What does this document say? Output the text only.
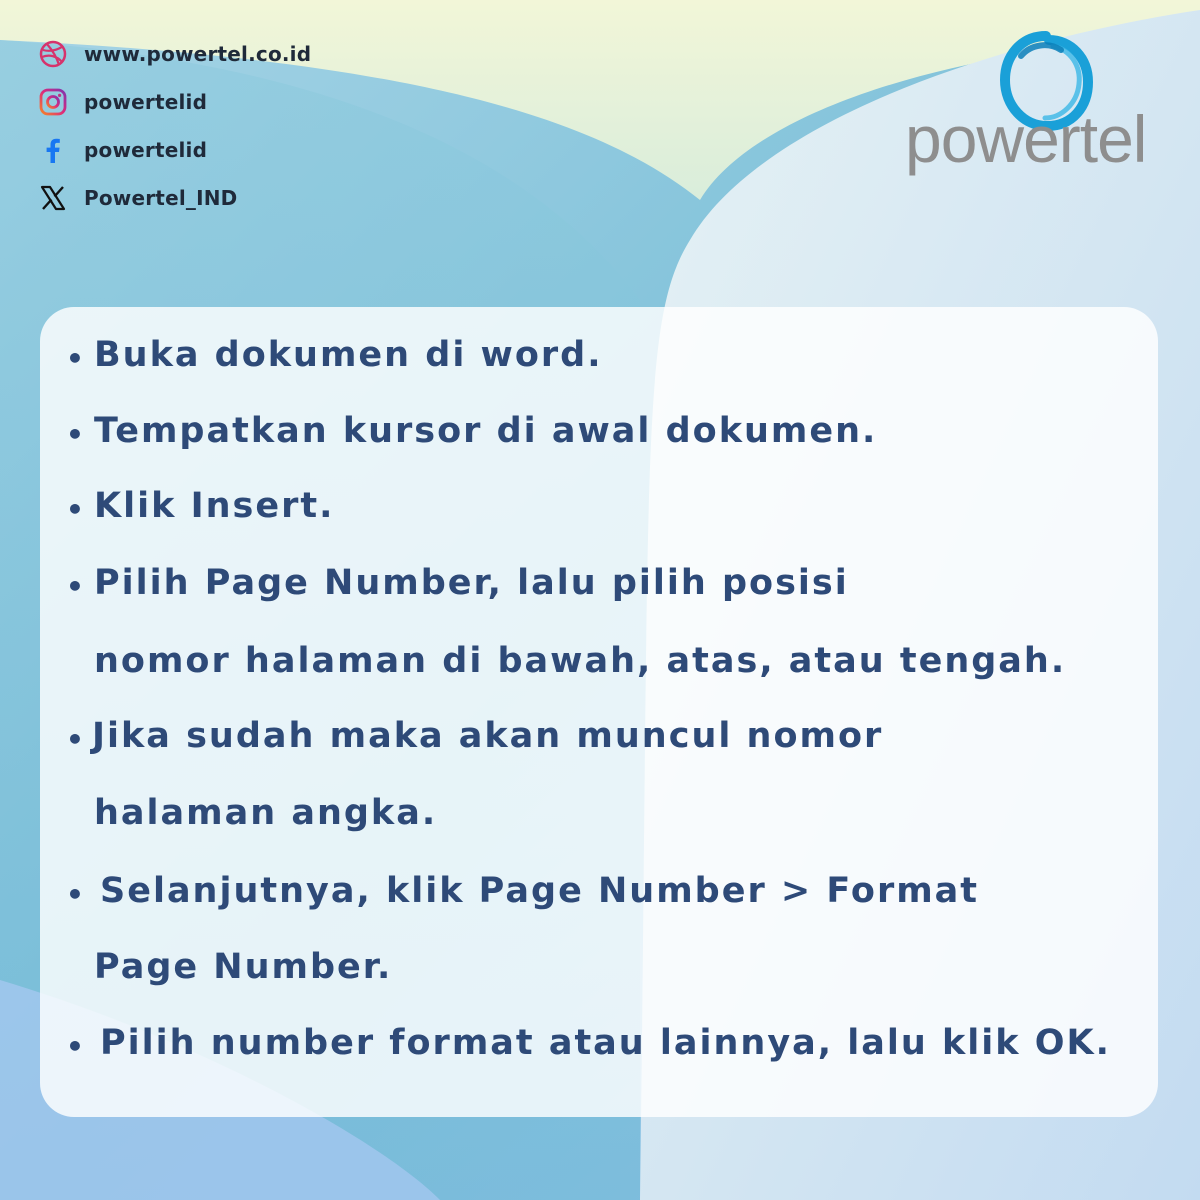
www.powertel.co.id
powertelid
powertelid
Powertel_IND
powertel
• Buka dokumen di word.
• Tempatkan kursor di awal dokumen.
• Klik Insert.
• Pilih Page Number, lalu pilih posisi
nomor halaman di bawah, atas, atau tengah.
• Jika sudah maka akan muncul nomor
halaman angka.
• Selanjutnya, klik Page Number > Format
Page Number.
• Pilih number format atau lainnya, lalu klik OK.
